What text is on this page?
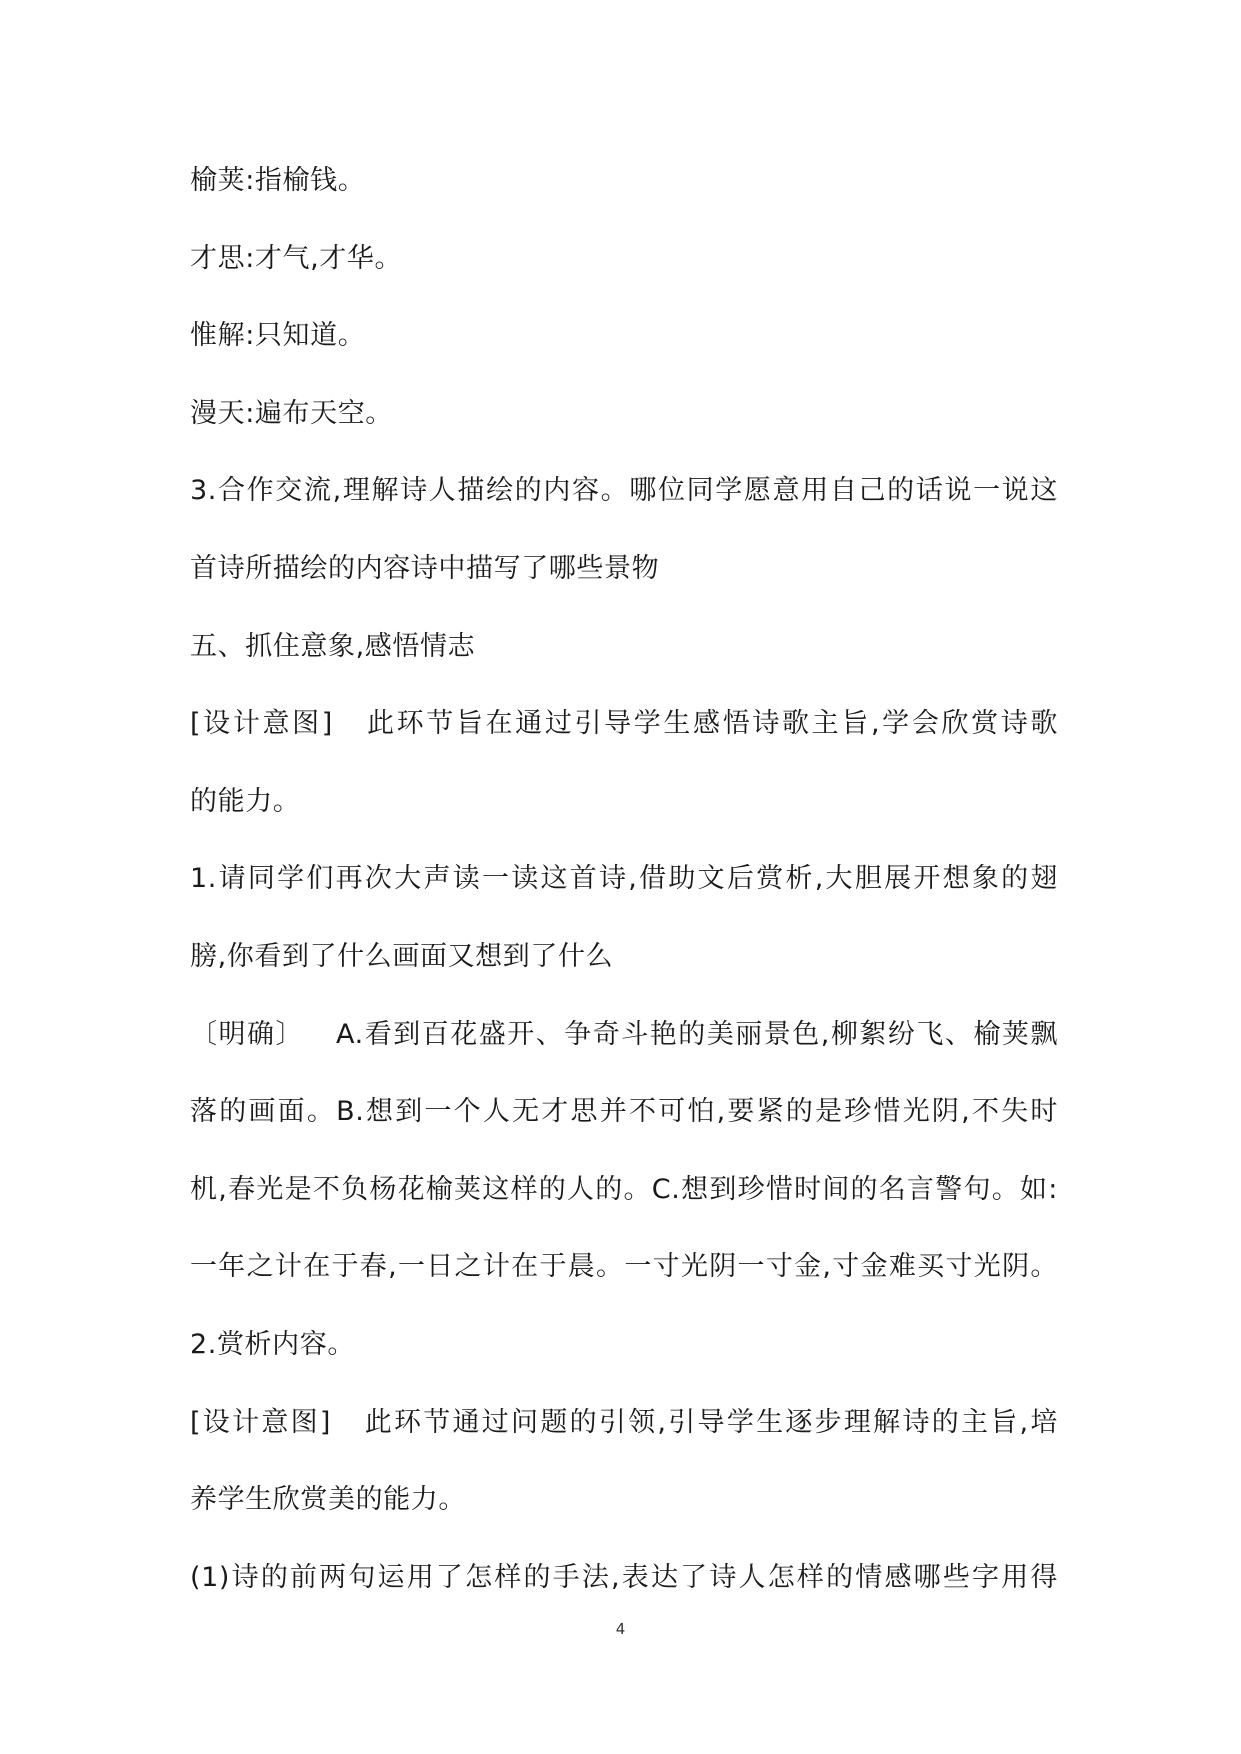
榆荚:指榆钱。
才思:才气,才华。
惟解:只知道。
漫天:遍布天空。
3.合作交流,理解诗人描绘的内容。哪位同学愿意用自己的话说一说这
首诗所描绘的内容诗中描写了哪些景物
五、抓住意象,感悟情志
[设计意图] 此环节旨在通过引导学生感悟诗歌主旨,学会欣赏诗歌
的能力。
1.请同学们再次大声读一读这首诗,借助文后赏析,大胆展开想象的翅
膀,你看到了什么画面又想到了什么
〔明确〕 A.看到百花盛开、争奇斗艳的美丽景色,柳絮纷飞、榆荚飘
落的画面。B.想到一个人无才思并不可怕,要紧的是珍惜光阴,不失时
机,春光是不负杨花榆荚这样的人的。C.想到珍惜时间的名言警句。如:
一年之计在于春,一日之计在于晨。一寸光阴一寸金,寸金难买寸光阴。
2.赏析内容。
[设计意图] 此环节通过问题的引领,引导学生逐步理解诗的主旨,培
养学生欣赏美的能力。
(1)诗的前两句运用了怎样的手法,表达了诗人怎样的情感哪些字用得
4
